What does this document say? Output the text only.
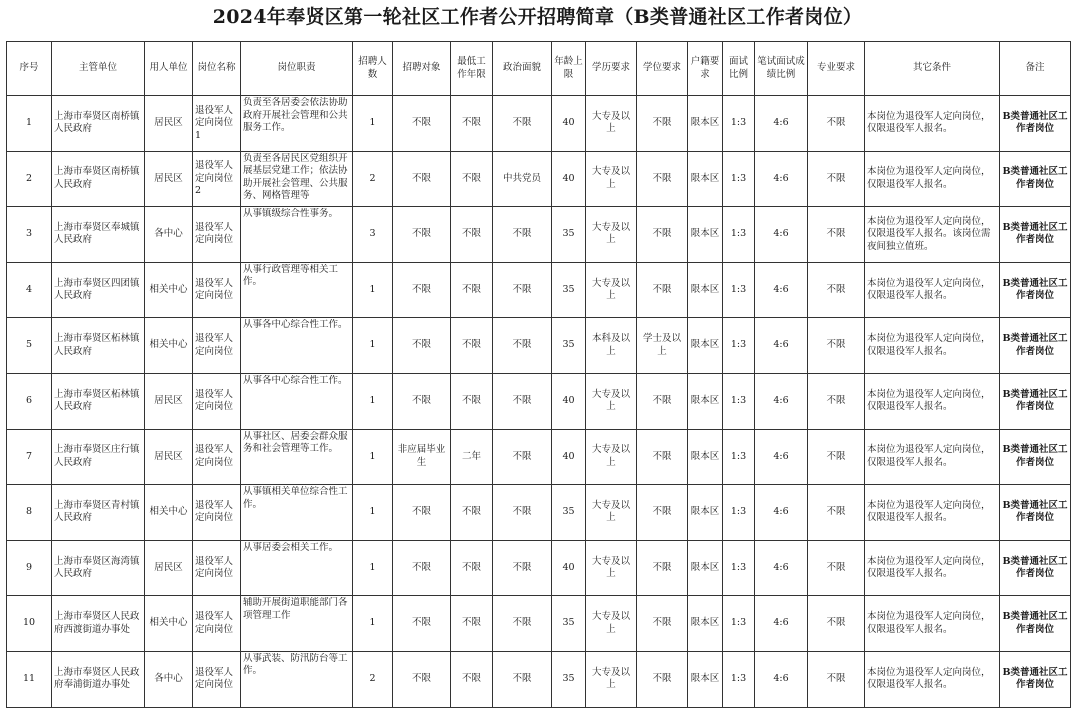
2024年奉贤区第一轮社区工作者公开招聘简章（B类普通社区工作者岗位）
序号	主管单位	用人单位	岗位名称	岗位职责	招聘人数	招聘对象	最低工作年限	政治面貌	年龄上限	学历要求	学位要求	户籍要求	面试比例	笔试面试成绩比例	专业要求	其它条件	备注
1	上海市奉贤区南桥镇人民政府	居民区	退役军人定向岗位1	负责至各居委会依法协助政府开展社会管理和公共服务工作。	1	不限	不限	不限	40	大专及以上	不限	限本区	1:3	4:6	不限	本岗位为退役军人定向岗位，仅限退役军人报名。	B类普通社区工作者岗位
2	上海市奉贤区南桥镇人民政府	居民区	退役军人定向岗位2	负责至各居民区党组织开展基层党建工作；依法协助开展社会管理、公共服务、网格管理等	2	不限	不限	中共党员	40	大专及以上	不限	限本区	1:3	4:6	不限	本岗位为退役军人定向岗位，仅限退役军人报名。	B类普通社区工作者岗位
3	上海市奉贤区奉城镇人民政府	各中心	退役军人定向岗位	从事镇级综合性事务。	3	不限	不限	不限	35	大专及以上	不限	限本区	1:3	4:6	不限	本岗位为退役军人定向岗位，仅限退役军人报名。该岗位需夜间独立值班。	B类普通社区工作者岗位
4	上海市奉贤区四团镇人民政府	相关中心	退役军人定向岗位	从事行政管理等相关工作。	1	不限	不限	不限	35	大专及以上	不限	限本区	1:3	4:6	不限	本岗位为退役军人定向岗位，仅限退役军人报名。	B类普通社区工作者岗位
5	上海市奉贤区柘林镇人民政府	相关中心	退役军人定向岗位	从事各中心综合性工作。	1	不限	不限	不限	35	本科及以上	学士及以上	限本区	1:3	4:6	不限	本岗位为退役军人定向岗位，仅限退役军人报名。	B类普通社区工作者岗位
6	上海市奉贤区柘林镇人民政府	居民区	退役军人定向岗位	从事各中心综合性工作。	1	不限	不限	不限	40	大专及以上	不限	限本区	1:3	4:6	不限	本岗位为退役军人定向岗位，仅限退役军人报名。	B类普通社区工作者岗位
7	上海市奉贤区庄行镇人民政府	居民区	退役军人定向岗位	从事社区、居委会群众服务和社会管理等工作。	1	非应届毕业生	二年	不限	40	大专及以上	不限	限本区	1:3	4:6	不限	本岗位为退役军人定向岗位，仅限退役军人报名。	B类普通社区工作者岗位
8	上海市奉贤区青村镇人民政府	相关中心	退役军人定向岗位	从事镇相关单位综合性工作。	1	不限	不限	不限	35	大专及以上	不限	限本区	1:3	4:6	不限	本岗位为退役军人定向岗位，仅限退役军人报名。	B类普通社区工作者岗位
9	上海市奉贤区海湾镇人民政府	居民区	退役军人定向岗位	从事居委会相关工作。	1	不限	不限	不限	40	大专及以上	不限	限本区	1:3	4:6	不限	本岗位为退役军人定向岗位，仅限退役军人报名。	B类普通社区工作者岗位
10	上海市奉贤区人民政府西渡街道办事处	相关中心	退役军人定向岗位	辅助开展街道职能部门各项管理工作	1	不限	不限	不限	35	大专及以上	不限	限本区	1:3	4:6	不限	本岗位为退役军人定向岗位，仅限退役军人报名。	B类普通社区工作者岗位
11	上海市奉贤区人民政府奉浦街道办事处	各中心	退役军人定向岗位	从事武装、防汛防台等工作。	2	不限	不限	不限	35	大专及以上	不限	限本区	1:3	4:6	不限	本岗位为退役军人定向岗位，仅限退役军人报名。	B类普通社区工作者岗位
